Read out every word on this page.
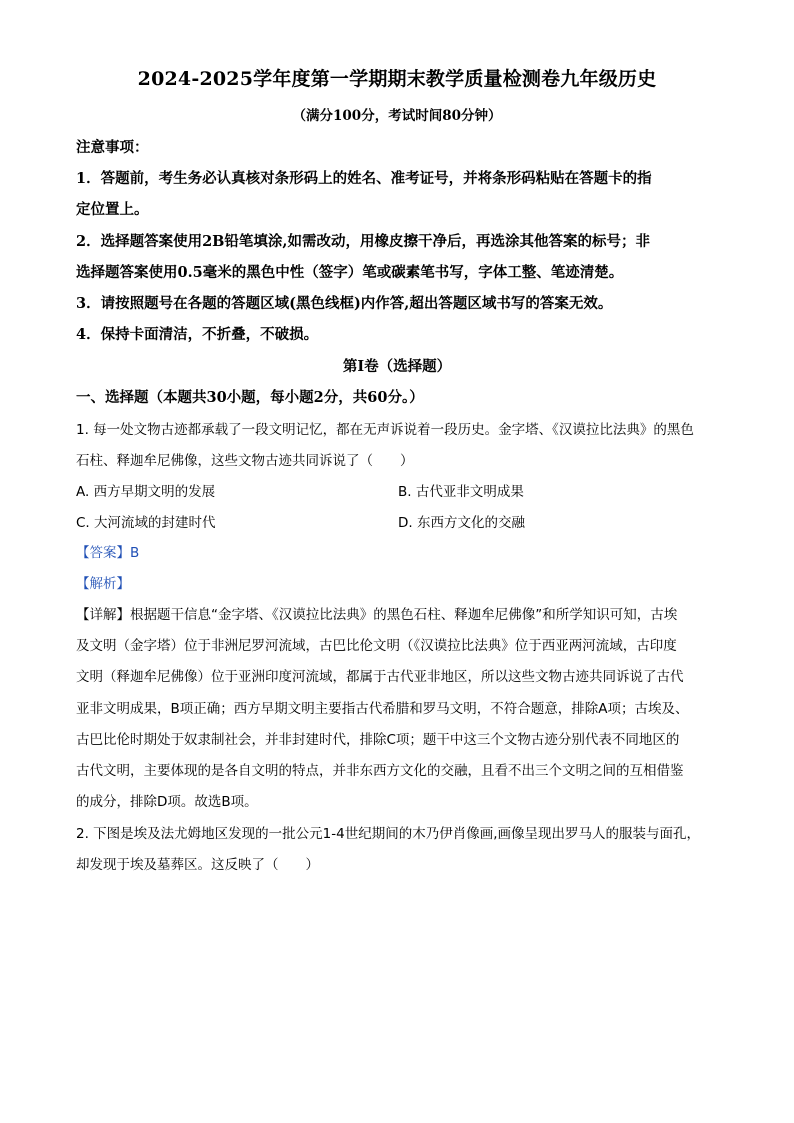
2024-2025学年度第一学期期末教学质量检测卷九年级历史
（满分100分，考试时间80分钟）
注意事项：
1．答题前，考生务必认真核对条形码上的姓名、准考证号，并将条形码粘贴在答题卡的指
定位置上。
2．选择题答案使用2B铅笔填涂,如需改动，用橡皮擦干净后，再选涂其他答案的标号；非
选择题答案使用0.5毫米的黑色中性（签字）笔或碳素笔书写，字体工整、笔迹清楚。
3．请按照题号在各题的答题区域(黑色线框)内作答,超出答题区域书写的答案无效。
4．保持卡面清洁，不折叠，不破损。
第Ⅰ卷（选择题）
一、选择题（本题共30小题，每小题2分，共60分。）
1. 每一处文物古迹都承载了一段文明记忆，都在无声诉说着一段历史。金字塔、《汉谟拉比法典》的黑色
石柱、释迦牟尼佛像，这些文物古迹共同诉说了（　　）
A. 西方早期文明的发展	B. 古代亚非文明成果
C. 大河流域的封建时代	D. 东西方文化的交融
【答案】B
【解析】
【详解】根据题干信息“金字塔、《汉谟拉比法典》的黑色石柱、释迦牟尼佛像”和所学知识可知，古埃
及文明（金字塔）位于非洲尼罗河流域，古巴比伦文明（《汉谟拉比法典》位于西亚两河流域，古印度
文明（释迦牟尼佛像）位于亚洲印度河流域，都属于古代亚非地区，所以这些文物古迹共同诉说了古代
亚非文明成果，B项正确；西方早期文明主要指古代希腊和罗马文明，不符合题意，排除A项；古埃及、
古巴比伦时期处于奴隶制社会，并非封建时代，排除C项；题干中这三个文物古迹分别代表不同地区的
古代文明，主要体现的是各自文明的特点，并非东西方文化的交融，且看不出三个文明之间的互相借鉴
的成分，排除D项。故选B项。
2. 下图是埃及法尤姆地区发现的一批公元1-4世纪期间的木乃伊肖像画,画像呈现出罗马人的服装与面孔，
却发现于埃及墓葬区。这反映了（　　）
